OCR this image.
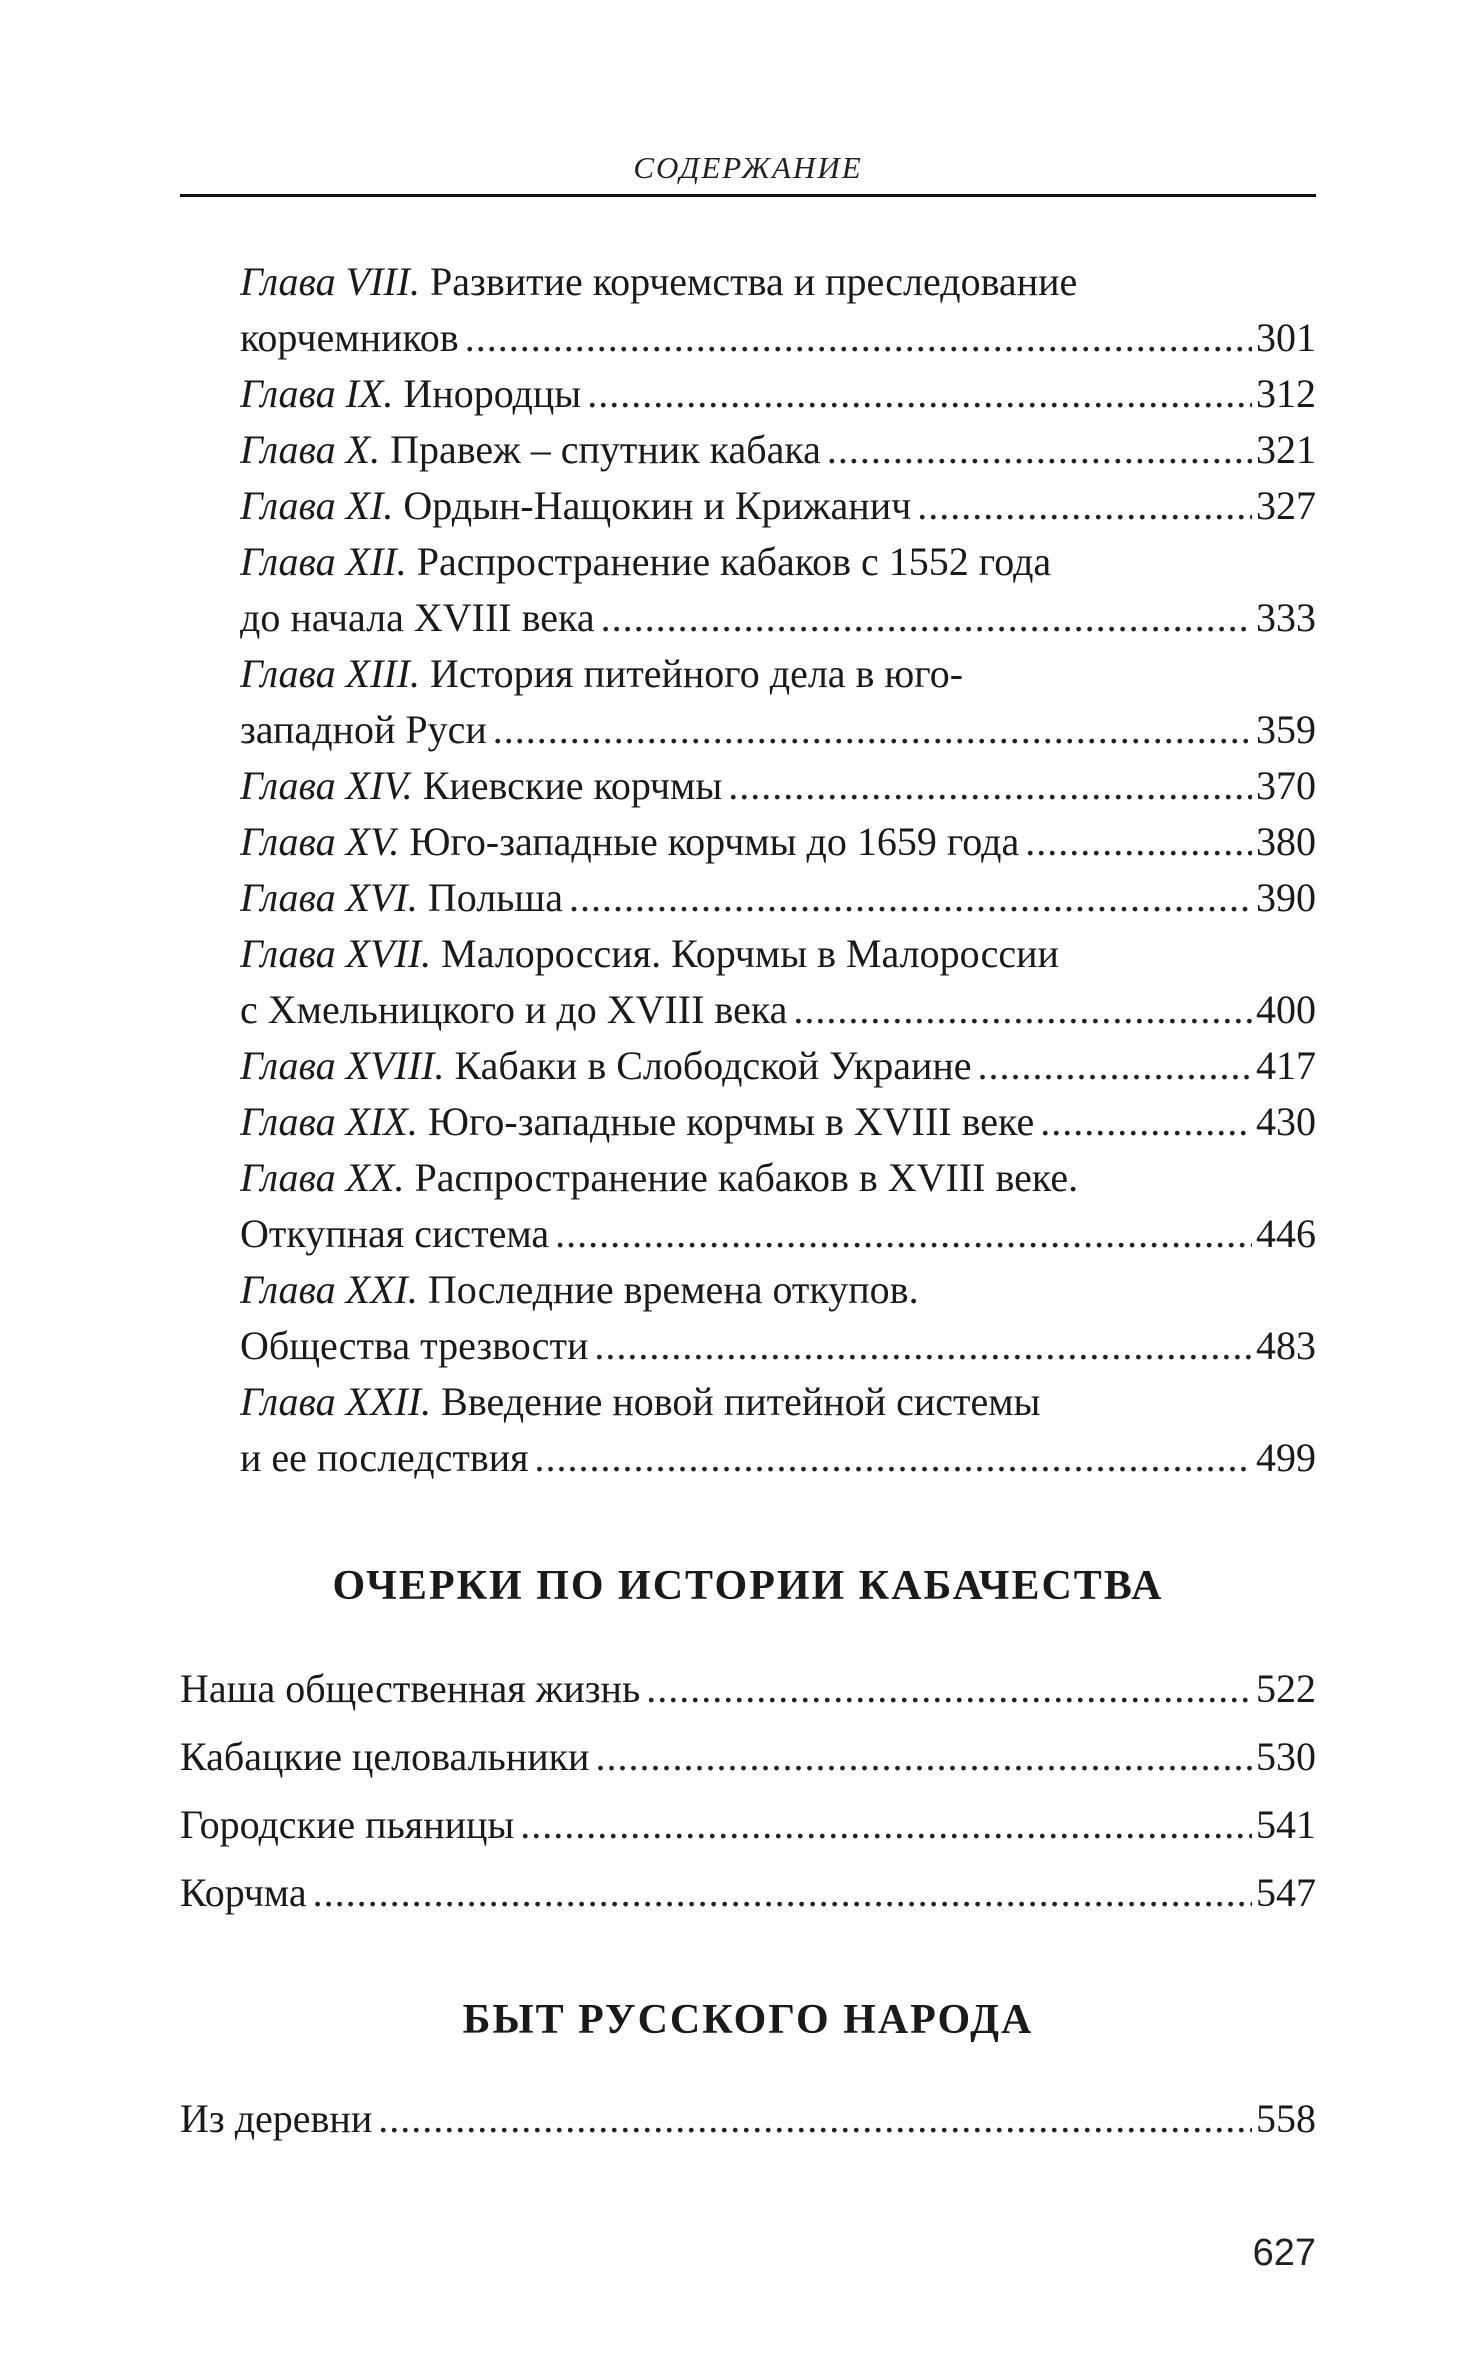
СОДЕРЖАНИЕ
Глава VIII. Развитие корчемства и преследование
корчемников .....	301
Глава IX. Инородцы .....	312
Глава X. Правеж – спутник кабака .....	321
Глава XI. Ордын-Нащокин и Крижанич .....	327
Глава XII. Распространение кабаков с 1552 года
до начала XVIII века .....	333
Глава XIII. История питейного дела в юго-
западной Руси .....	359
Глава XIV. Киевские корчмы .....	370
Глава XV. Юго-западные корчмы до 1659 года .....	380
Глава XVI. Польша .....	390
Глава XVII. Малороссия. Корчмы в Малороссии
с Хмельницкого и до XVIII века .....	400
Глава XVIII. Кабаки в Слободской Украине .....	417
Глава XIX. Юго-западные корчмы в XVIII веке .....	430
Глава XX. Распространение кабаков в XVIII веке.
Откупная система .....	446
Глава XXI. Последние времена откупов.
Общества трезвости .....	483
Глава XXII. Введение новой питейной системы
и ее последствия .....	499
ОЧЕРКИ ПО ИСТОРИИ КАБАЧЕСТВА
Наша общественная жизнь .....	522
Кабацкие целовальники .....	530
Городские пьяницы .....	541
Корчма .....	547
БЫТ РУССКОГО НАРОДА
Из деревни .....	558
627
